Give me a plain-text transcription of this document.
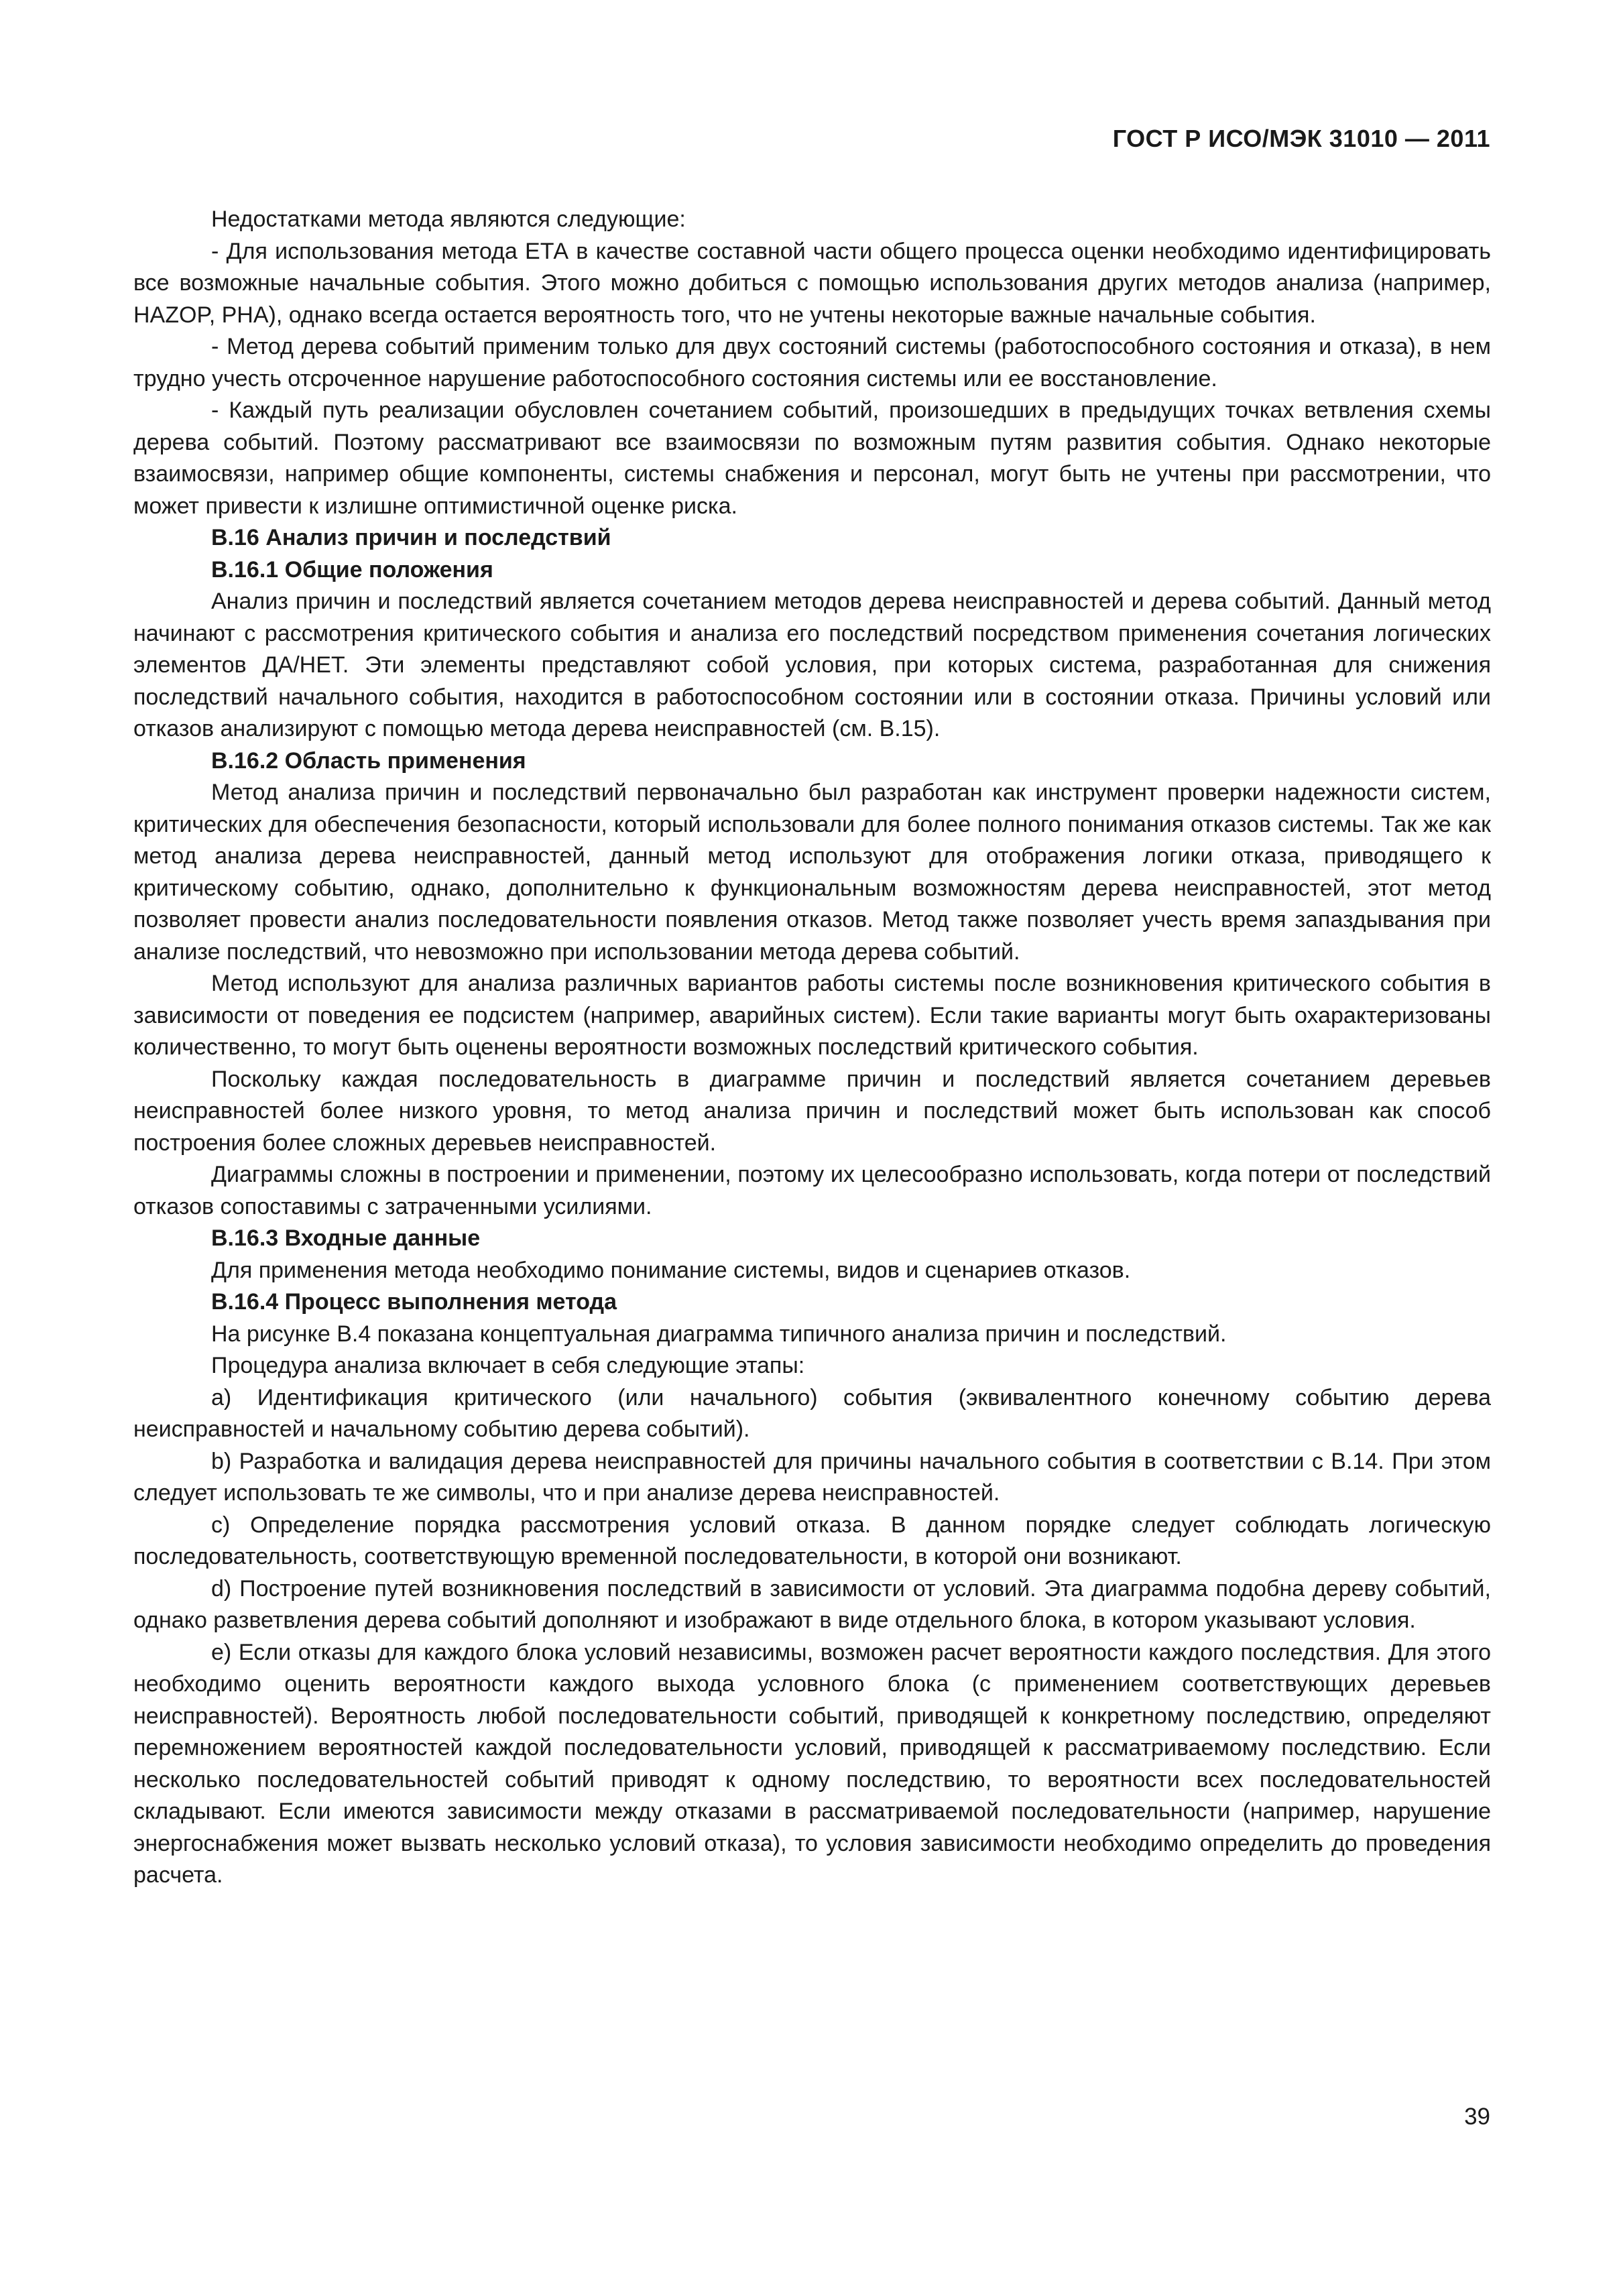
ГОСТ Р ИСО/МЭК 31010 — 2011

Недостатками метода являются следующие:

- Для использования метода ЕТА в качестве составной части общего процесса оценки необходимо идентифицировать все возможные начальные события. Этого можно добиться с помощью использования других методов анализа (например, HAZOP, PHA), однако всегда остается вероятность того, что не учтены некоторые важные начальные события.

- Метод дерева событий применим только для двух состояний системы (работоспособного состояния и отказа), в нем трудно учесть отсроченное нарушение работоспособного состояния системы или ее восстановление.

- Каждый путь реализации обусловлен сочетанием событий, произошедших в предыдущих точках ветвления схемы дерева событий. Поэтому рассматривают все взаимосвязи по возможным путям развития события. Однако некоторые взаимосвязи, например общие компоненты, системы снабжения и персонал, могут быть не учтены при рассмотрении, что может привести к излишне оптимистичной оценке риска.

В.16 Анализ причин и последствий

В.16.1 Общие положения

Анализ причин и последствий является сочетанием методов дерева неисправностей и дерева событий. Данный метод начинают с рассмотрения критического события и анализа его последствий посредством применения сочетания логических элементов ДА/НЕТ. Эти элементы представляют собой условия, при которых система, разработанная для снижения последствий начального события, находится в работоспособном состоянии или в состоянии отказа. Причины условий или отказов анализируют с помощью метода дерева неисправностей (см. В.15).

В.16.2 Область применения

Метод анализа причин и последствий первоначально был разработан как инструмент проверки надежности систем, критических для обеспечения безопасности, который использовали для более полного понимания отказов системы. Так же как метод анализа дерева неисправностей, данный метод используют для отображения логики отказа, приводящего к критическому событию, однако, дополнительно к функциональным возможностям дерева неисправностей, этот метод позволяет провести анализ последовательности появления отказов. Метод также позволяет учесть время запаздывания при анализе последствий, что невозможно при использовании метода дерева событий.

Метод используют для анализа различных вариантов работы системы после возникновения критического события в зависимости от поведения ее подсистем (например, аварийных систем). Если такие варианты могут быть охарактеризованы количественно, то могут быть оценены вероятности возможных последствий критического события.

Поскольку каждая последовательность в диаграмме причин и последствий является сочетанием деревьев неисправностей более низкого уровня, то метод анализа причин и последствий может быть использован как способ построения более сложных деревьев неисправностей.

Диаграммы сложны в построении и применении, поэтому их целесообразно использовать, когда потери от последствий отказов сопоставимы с затраченными усилиями.

В.16.3 Входные данные

Для применения метода необходимо понимание системы, видов и сценариев отказов.

В.16.4 Процесс выполнения метода

На рисунке В.4 показана концептуальная диаграмма типичного анализа причин и последствий.

Процедура анализа включает в себя следующие этапы:

a) Идентификация критического (или начального) события (эквивалентного конечному событию дерева неисправностей и начальному событию дерева событий).

b) Разработка и валидация дерева неисправностей для причины начального события в соответствии с В.14. При этом следует использовать те же символы, что и при анализе дерева неисправностей.

c) Определение порядка рассмотрения условий отказа. В данном порядке следует соблюдать логическую последовательность, соответствующую временной последовательности, в которой они возникают.

d) Построение путей возникновения последствий в зависимости от условий. Эта диаграмма подобна дереву событий, однако разветвления дерева событий дополняют и изображают в виде отдельного блока, в котором указывают условия.

e) Если отказы для каждого блока условий независимы, возможен расчет вероятности каждого последствия. Для этого необходимо оценить вероятности каждого выхода условного блока (с применением соответствующих деревьев неисправностей). Вероятность любой последовательности событий, приводящей к конкретному последствию, определяют перемножением вероятностей каждой последовательности условий, приводящей к рассматриваемому последствию. Если несколько последовательностей событий приводят к одному последствию, то вероятности всех последовательностей складывают. Если имеются зависимости между отказами в рассматриваемой последовательности (например, нарушение энергоснабжения может вызвать несколько условий отказа), то условия зависимости необходимо определить до проведения расчета.

39
